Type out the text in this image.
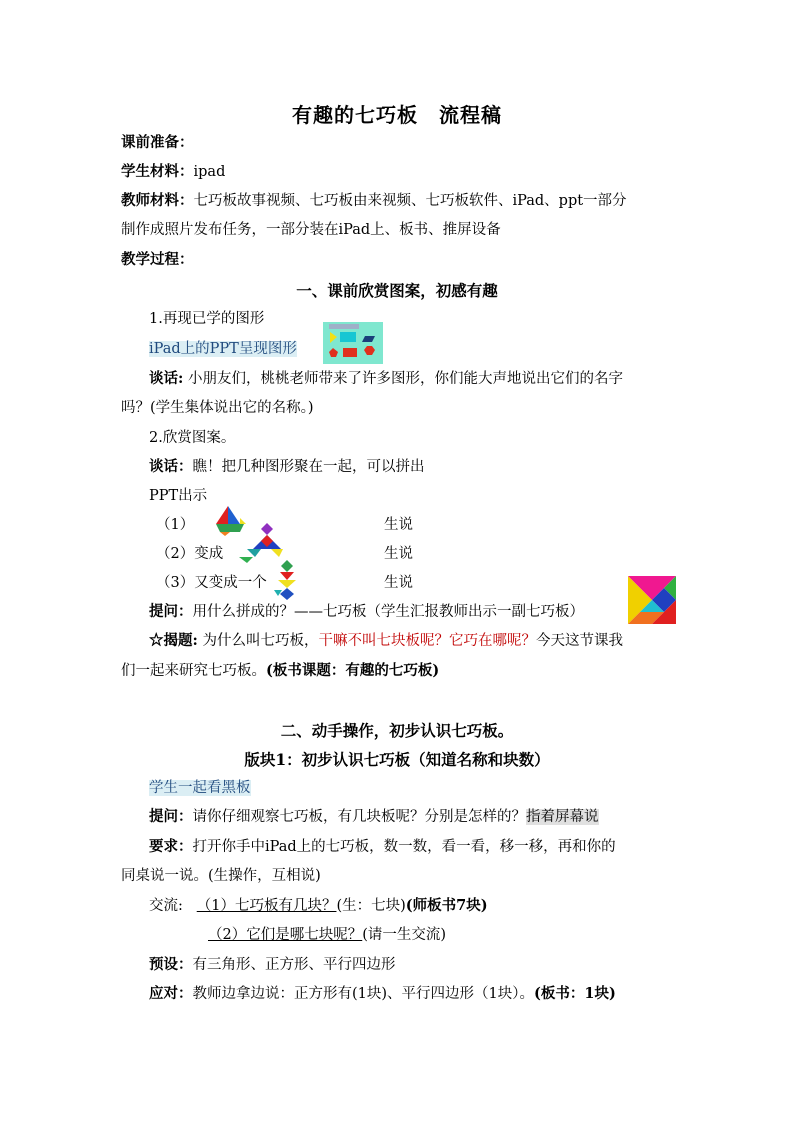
有趣的七巧板　流程稿
课前准备：
学生材料：ipad
教师材料：七巧板故事视频、七巧板由来视频、七巧板软件、iPad、ppt一部分
制作成照片发布任务，一部分装在iPad上、板书、推屏设备
教学过程：
一、课前欣赏图案，初感有趣
1.再现已学的图形
iPad上的PPT呈现图形
谈话: 小朋友们，桃桃老师带来了许多图形，你们能大声地说出它们的名字
吗？(学生集体说出它的名称。)
2.欣赏图案。
谈话：瞧！把几种图形聚在一起，可以拼出
PPT出示
（1）	生说
（2）变成	生说
（3）又变成一个	生说
提问：用什么拼成的？——七巧板（学生汇报教师出示一副七巧板）
☆揭题: 为什么叫七巧板，干嘛不叫七块板呢？它巧在哪呢？今天这节课我
们一起来研究七巧板。(板书课题：有趣的七巧板)
二、动手操作，初步认识七巧板。
版块1：初步认识七巧板（知道名称和块数）
学生一起看黑板
提问：请你仔细观察七巧板，有几块板呢？分别是怎样的？指着屏幕说
要求：打开你手中iPad上的七巧板，数一数，看一看，移一移，再和你的
同桌说一说。(生操作，互相说)
交流: （1）七巧板有几块？(生：七块)(师板书7块)
（2）它们是哪七块呢？(请一生交流)
预设：有三角形、正方形、平行四边形
应对：教师边拿边说：正方形有(1块)、平行四边形（1块）。(板书：1块)
